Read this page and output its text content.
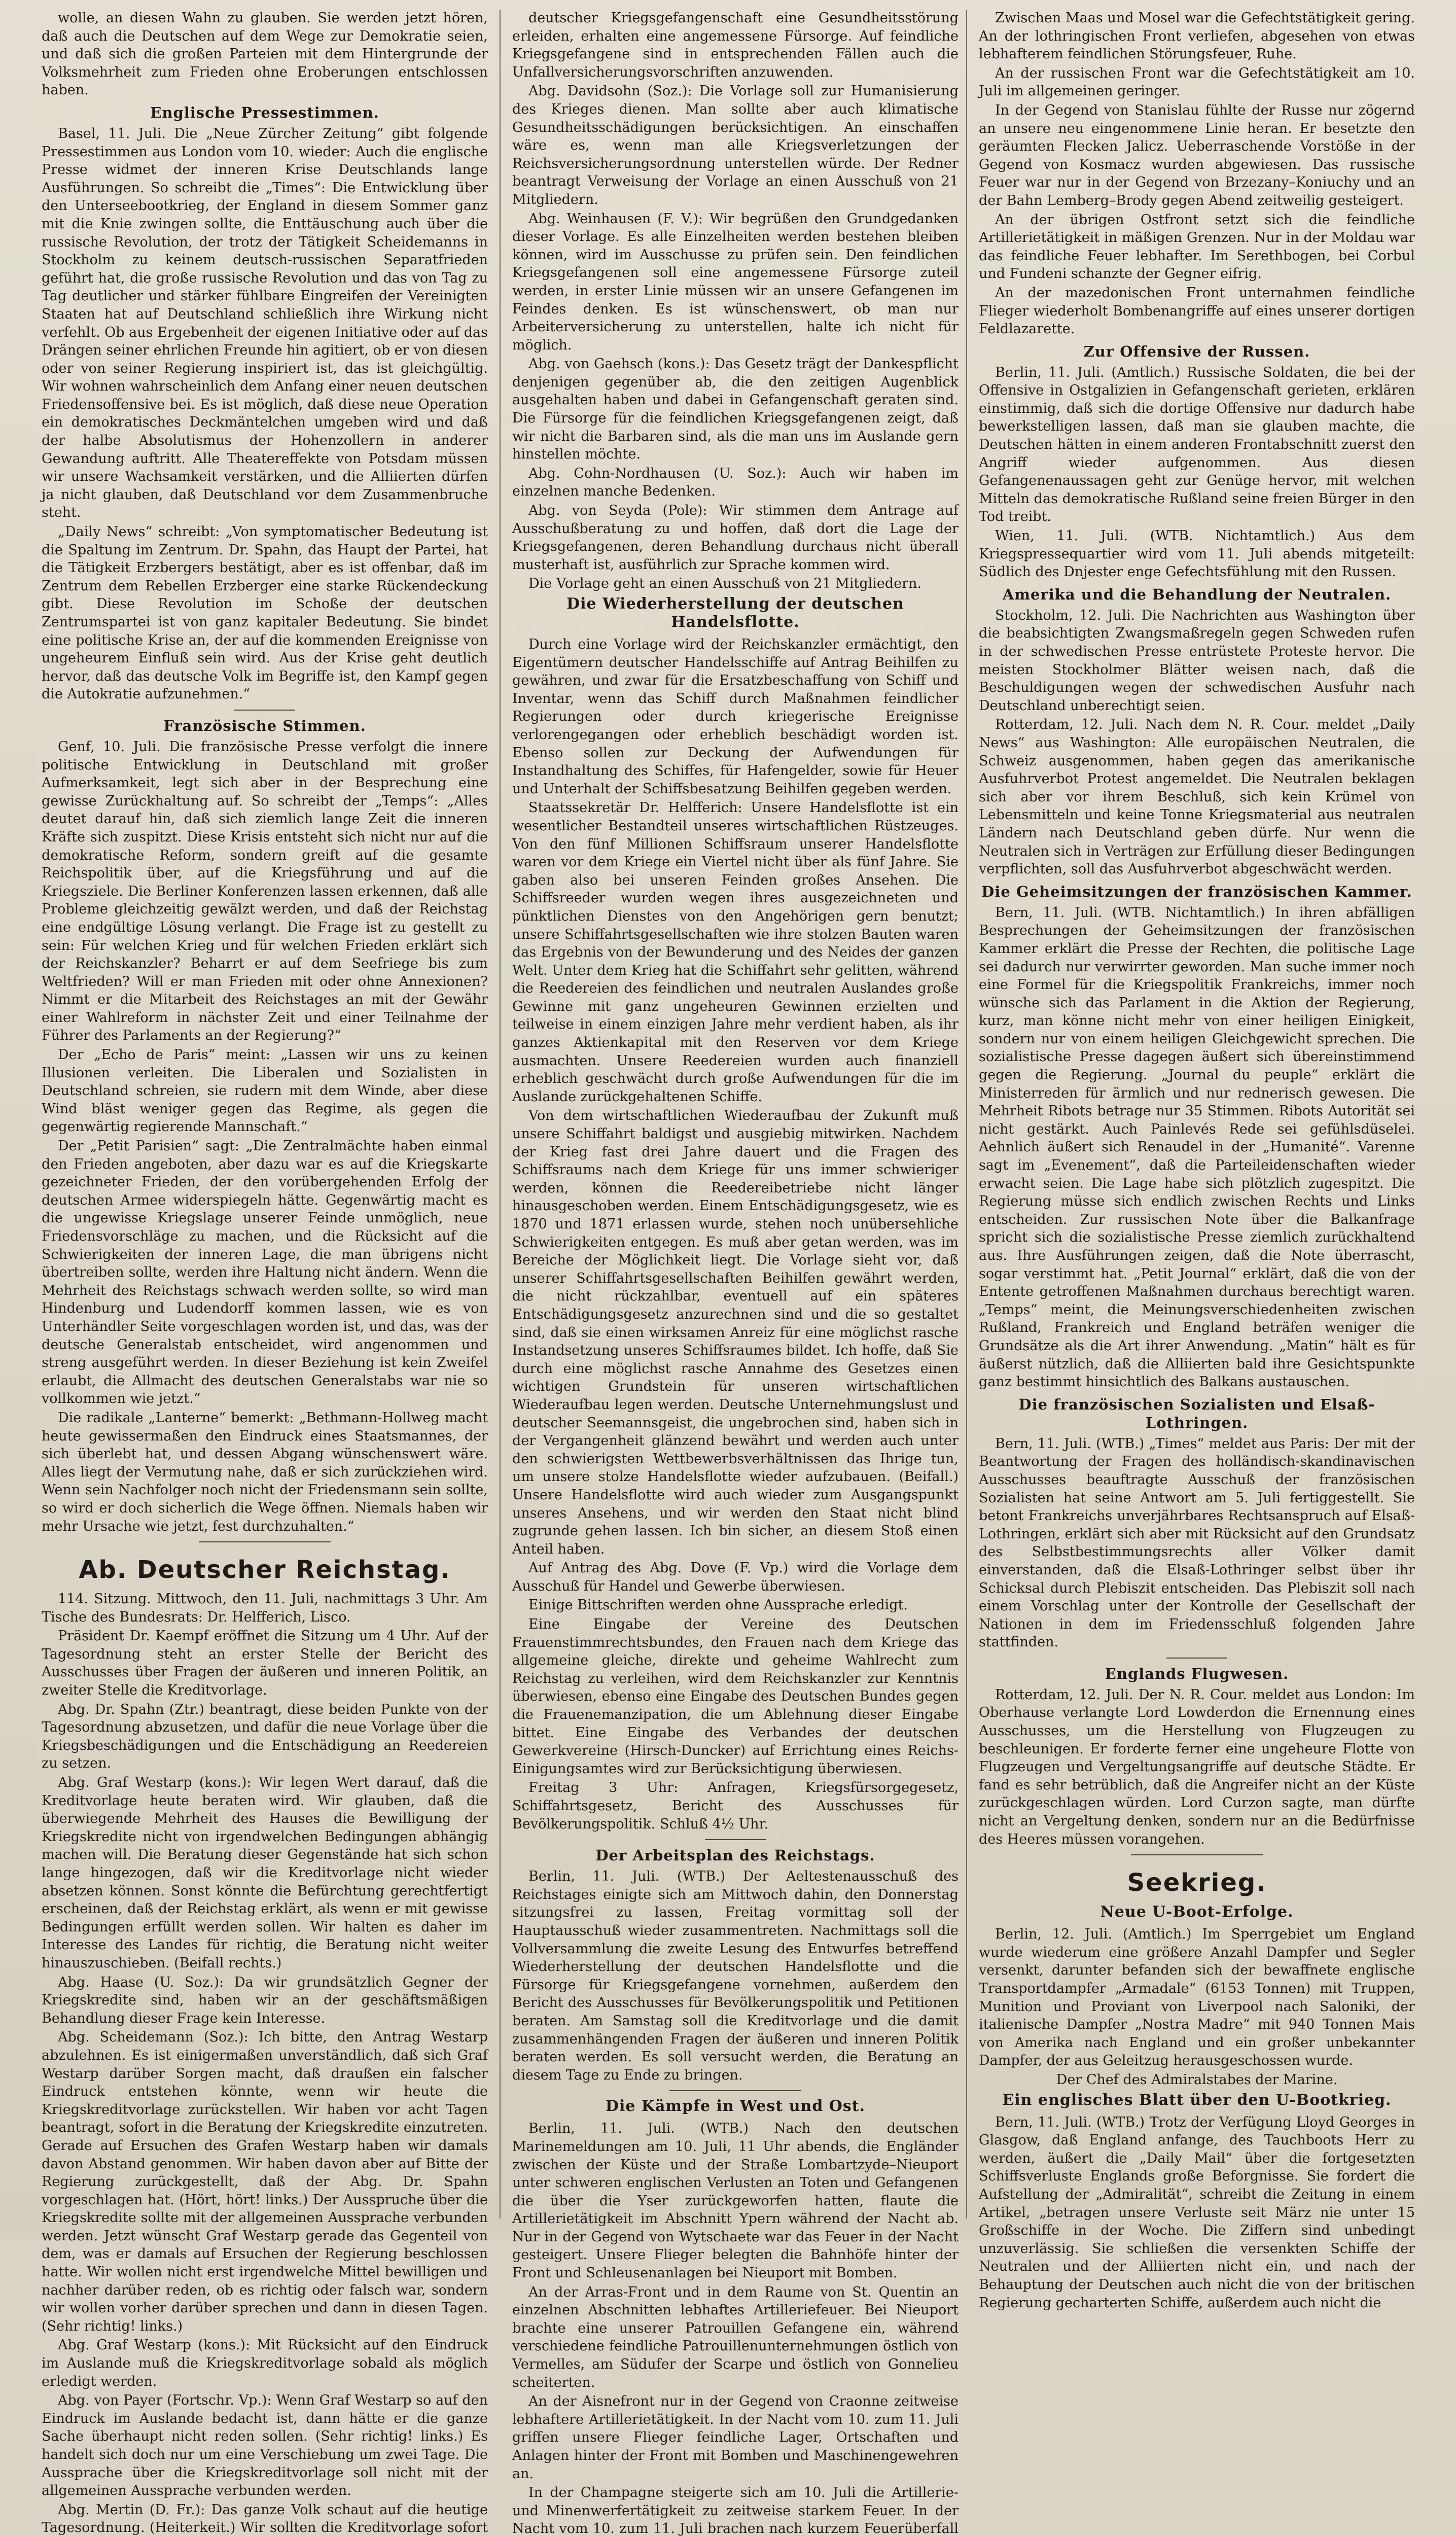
wolle, an diesen Wahn zu glauben. Sie werden jetzt hören, daß auch die Deutschen auf dem Wege zur Demokratie seien, und daß sich die großen Parteien mit dem Hintergrunde der Volksmehrheit zum Frieden ohne Eroberungen entschlossen haben.

Englische Pressestimmen.

Basel, 11. Juli. Die „Neue Zürcher Zeitung“ gibt folgende Pressestimmen aus London vom 10. wieder: Auch die englische Presse widmet der inneren Krise Deutschlands lange Ausführungen. So schreibt die „Times“: Die Entwicklung über den Unterseebootkrieg, der England in diesem Sommer ganz mit die Knie zwingen sollte, die Enttäuschung auch über die russische Revolution, der trotz der Tätigkeit Scheidemanns in Stockholm zu keinem deutsch-russischen Separatfrieden geführt hat, die große russische Revolution und das von Tag zu Tag deutlicher und stärker fühlbare Eingreifen der Vereinigten Staaten hat auf Deutschland schließlich ihre Wirkung nicht verfehlt. Ob aus Ergebenheit der eigenen Initiative oder auf das Drängen seiner ehrlichen Freunde hin agitiert, ob er von diesen oder von seiner Regierung inspiriert ist, das ist gleichgültig. Wir wohnen wahrscheinlich dem Anfang einer neuen deutschen Friedensoffensive bei. Es ist möglich, daß diese neue Operation ein demokratisches Deckmäntelchen umgeben wird und daß der halbe Absolutismus der Hohenzollern in anderer Gewandung auftritt. Alle Theatereffekte von Potsdam müssen wir unsere Wachsamkeit verstärken, und die Alliierten dürfen ja nicht glauben, daß Deutschland vor dem Zusammenbruche steht.

„Daily News“ schreibt: „Von symptomatischer Bedeutung ist die Spaltung im Zentrum. Dr. Spahn, das Haupt der Partei, hat die Tätigkeit Erzbergers bestätigt, aber es ist offenbar, daß im Zentrum dem Rebellen Erzberger eine starke Rückendeckung gibt. Diese Revolution im Schoße der deutschen Zentrumspartei ist von ganz kapitaler Bedeutung. Sie bindet eine politische Krise an, der auf die kommenden Ereignisse von ungeheurem Einfluß sein wird. Aus der Krise geht deutlich hervor, daß das deutsche Volk im Begriffe ist, den Kampf gegen die Autokratie aufzunehmen.“

Französische Stimmen.

Genf, 10. Juli. Die französische Presse verfolgt die innere politische Entwicklung in Deutschland mit großer Aufmerksamkeit, legt sich aber in der Besprechung eine gewisse Zurückhaltung auf. So schreibt der „Temps“: „Alles deutet darauf hin, daß sich ziemlich lange Zeit die inneren Kräfte sich zuspitzt. Diese Krisis entsteht sich nicht nur auf die demokratische Reform, sondern greift auf die gesamte Reichspolitik über, auf die Kriegsführung und auf die Kriegsziele. Die Berliner Konferenzen lassen erkennen, daß alle Probleme gleichzeitig gewälzt werden, und daß der Reichstag eine endgültige Lösung verlangt. Die Frage ist zu gestellt zu sein: Für welchen Krieg und für welchen Frieden erklärt sich der Reichskanzler? Beharrt er auf dem Seefriege bis zum Weltfrieden? Will er man Frieden mit oder ohne Annexionen? Nimmt er die Mitarbeit des Reichstages an mit der Gewähr einer Wahlreform in nächster Zeit und einer Teilnahme der Führer des Parlaments an der Regierung?“

Der „Echo de Paris“ meint: „Lassen wir uns zu keinen Illusionen verleiten. Die Liberalen und Sozialisten in Deutschland schreien, sie rudern mit dem Winde, aber diese Wind bläst weniger gegen das Regime, als gegen die gegenwärtig regierende Mannschaft.“

Der „Petit Parisien“ sagt: „Die Zentralmächte haben einmal den Frieden angeboten, aber dazu war es auf die Kriegskarte gezeichneter Frieden, der den vorübergehenden Erfolg der deutschen Armee widerspiegeln hätte. Gegenwärtig macht es die ungewisse Kriegslage unserer Feinde unmöglich, neue Friedensvorschläge zu machen, und die Rücksicht auf die Schwierigkeiten der inneren Lage, die man übrigens nicht übertreiben sollte, werden ihre Haltung nicht ändern. Wenn die Mehrheit des Reichstags schwach werden sollte, so wird man Hindenburg und Ludendorff kommen lassen, wie es von Unterhändler Seite vorgeschlagen worden ist, und das, was der deutsche Generalstab entscheidet, wird angenommen und streng ausgeführt werden. In dieser Beziehung ist kein Zweifel erlaubt, die Allmacht des deutschen Generalstabs war nie so vollkommen wie jetzt.“

Die radikale „Lanterne“ bemerkt: „Bethmann-Hollweg macht heute gewissermaßen den Eindruck eines Staatsmannes, der sich überlebt hat, und dessen Abgang wünschenswert wäre. Alles liegt der Vermutung nahe, daß er sich zurückziehen wird. Wenn sein Nachfolger noch nicht der Friedensmann sein sollte, so wird er doch sicherlich die Wege öffnen. Niemals haben wir mehr Ursache wie jetzt, fest durchzuhalten.“

Ab. Deutscher Reichstag.

114. Sitzung. Mittwoch, den 11. Juli, nachmittags 3 Uhr. Am Tische des Bundesrats: Dr. Helfferich, Lisco.

Präsident Dr. Kaempf eröffnet die Sitzung um 4 Uhr. Auf der Tagesordnung steht an erster Stelle der Bericht des Ausschusses über Fragen der äußeren und inneren Politik, an zweiter Stelle die Kreditvorlage.

Abg. Dr. Spahn (Ztr.) beantragt, diese beiden Punkte von der Tagesordnung abzusetzen, und dafür die neue Vorlage über die Kriegsbeschädigungen und die Entschädigung an Reedereien zu setzen.

Abg. Graf Westarp (kons.): Wir legen Wert darauf, daß die Kreditvorlage heute beraten wird. Wir glauben, daß die überwiegende Mehrheit des Hauses die Bewilligung der Kriegskredite nicht von irgendwelchen Bedingungen abhängig machen will. Die Beratung dieser Gegenstände hat sich schon lange hingezogen, daß wir die Kreditvorlage nicht wieder absetzen können. Sonst könnte die Befürchtung gerechtfertigt erscheinen, daß der Reichstag erklärt, als wenn er mit gewisse Bedingungen erfüllt werden sollen. Wir halten es daher im Interesse des Landes für richtig, die Beratung nicht weiter hinauszuschieben. (Beifall rechts.)

Abg. Haase (U. Soz.): Da wir grundsätzlich Gegner der Kriegskredite sind, haben wir an der geschäftsmäßigen Behandlung dieser Frage kein Interesse.

Abg. Scheidemann (Soz.): Ich bitte, den Antrag Westarp abzulehnen. Es ist einigermaßen unverständlich, daß sich Graf Westarp darüber Sorgen macht, daß draußen ein falscher Eindruck entstehen könnte, wenn wir heute die Kriegskreditvorlage zurückstellen. Wir haben vor acht Tagen beantragt, sofort in die Beratung der Kriegskredite einzutreten. Gerade auf Ersuchen des Grafen Westarp haben wir damals davon Abstand genommen. Wir haben davon aber auf Bitte der Regierung zurückgestellt, daß der Abg. Dr. Spahn vorgeschlagen hat. (Hört, hört! links.) Der Ausspruche über die Kriegskredite sollte mit der allgemeinen Aussprache verbunden werden. Jetzt wünscht Graf Westarp gerade das Gegenteil von dem, was er damals auf Ersuchen der Regierung beschlossen hatte. Wir wollen nicht erst irgendwelche Mittel bewilligen und nachher darüber reden, ob es richtig oder falsch war, sondern wir wollen vorher darüber sprechen und dann in diesen Tagen. (Sehr richtig! links.)

Abg. Graf Westarp (kons.): Mit Rücksicht auf den Eindruck im Auslande muß die Kriegskreditvorlage sobald als möglich erledigt werden.

Abg. von Payer (Fortschr. Vp.): Wenn Graf Westarp so auf den Eindruck im Auslande bedacht ist, dann hätte er die ganze Sache überhaupt nicht reden sollen. (Sehr richtig! links.) Es handelt sich doch nur um eine Verschiebung um zwei Tage. Die Aussprache über die Kriegskreditvorlage soll nicht mit der allgemeinen Aussprache verbunden werden.

Abg. Mertin (D. Fr.): Das ganze Volk schaut auf die heutige Tagesordnung. (Heiterkeit.) Wir sollten die Kreditvorlage sofort

deutscher Kriegsgefangenschaft eine Gesundheitsstörung erleiden, erhalten eine angemessene Fürsorge. Auf feindliche Kriegsgefangene sind in entsprechenden Fällen auch die Unfallversicherungsvorschriften anzuwenden.

Abg. Davidsohn (Soz.): Die Vorlage soll zur Humanisierung des Krieges dienen. Man sollte aber auch klimatische Gesundheitsschädigungen berücksichtigen. An einschaffen wäre es, wenn man alle Kriegsverletzungen der Reichsversicherungsordnung unterstellen würde. Der Redner beantragt Verweisung der Vorlage an einen Ausschuß von 21 Mitgliedern.

Abg. Weinhausen (F. V.): Wir begrüßen den Grundgedanken dieser Vorlage. Es alle Einzelheiten werden bestehen bleiben können, wird im Ausschusse zu prüfen sein. Den feindlichen Kriegsgefangenen soll eine angemessene Fürsorge zuteil werden, in erster Linie müssen wir an unsere Gefangenen im Feindes denken. Es ist wünschenswert, ob man nur Arbeiterversicherung zu unterstellen, halte ich nicht für möglich.

Abg. von Gaehsch (kons.): Das Gesetz trägt der Dankespflicht denjenigen gegenüber ab, die den zeitigen Augenblick ausgehalten haben und dabei in Gefangenschaft geraten sind. Die Fürsorge für die feindlichen Kriegsgefangenen zeigt, daß wir nicht die Barbaren sind, als die man uns im Auslande gern hinstellen möchte.

Abg. Cohn-Nordhausen (U. Soz.): Auch wir haben im einzelnen manche Bedenken.

Abg. von Seyda (Pole): Wir stimmen dem Antrage auf Ausschußberatung zu und hoffen, daß dort die Lage der Kriegsgefangenen, deren Behandlung durchaus nicht überall musterhaft ist, ausführlich zur Sprache kommen wird.

Die Vorlage geht an einen Ausschuß von 21 Mitgliedern.

Die Wiederherstellung der deutschen Handelsflotte.

Durch eine Vorlage wird der Reichskanzler ermächtigt, den Eigentümern deutscher Handelsschiffe auf Antrag Beihilfen zu gewähren, und zwar für die Ersatzbeschaffung von Schiff und Inventar, wenn das Schiff durch Maßnahmen feindlicher Regierungen oder durch kriegerische Ereignisse verlorengegangen oder erheblich beschädigt worden ist. Ebenso sollen zur Deckung der Aufwendungen für Instandhaltung des Schiffes, für Hafengelder, sowie für Heuer und Unterhalt der Schiffsbesatzung Beihilfen gegeben werden.

Staatssekretär Dr. Helfferich: Unsere Handelsflotte ist ein wesentlicher Bestandteil unseres wirtschaftlichen Rüstzeuges. Von den fünf Millionen Schiffsraum unserer Handelsflotte waren vor dem Kriege ein Viertel nicht über als fünf Jahre. Sie gaben also bei unseren Feinden großes Ansehen. Die Schiffsreeder wurden wegen ihres ausgezeichneten und pünktlichen Dienstes von den Angehörigen gern benutzt; unsere Schiffahrtsgesellschaften wie ihre stolzen Bauten waren das Ergebnis von der Bewunderung und des Neides der ganzen Welt. Unter dem Krieg hat die Schiffahrt sehr gelitten, während die Reedereien des feindlichen und neutralen Auslandes große Gewinne mit ganz ungeheuren Gewinnen erzielten und teilweise in einem einzigen Jahre mehr verdient haben, als ihr ganzes Aktienkapital mit den Reserven vor dem Kriege ausmachten. Unsere Reedereien wurden auch finanziell erheblich geschwächt durch große Aufwendungen für die im Auslande zurückgehaltenen Schiffe.

Von dem wirtschaftlichen Wiederaufbau der Zukunft muß unsere Schiffahrt baldigst und ausgiebig mitwirken. Nachdem der Krieg fast drei Jahre dauert und die Fragen des Schiffsraums nach dem Kriege für uns immer schwieriger werden, können die Reedereibetriebe nicht länger hinausgeschoben werden. Einem Entschädigungsgesetz, wie es 1870 und 1871 erlassen wurde, stehen noch unübersehliche Schwierigkeiten entgegen. Es muß aber getan werden, was im Bereiche der Möglichkeit liegt. Die Vorlage sieht vor, daß unserer Schiffahrtsgesellschaften Beihilfen gewährt werden, die nicht rückzahlbar, eventuell auf ein späteres Entschädigungsgesetz anzurechnen sind und die so gestaltet sind, daß sie einen wirksamen Anreiz für eine möglichst rasche Instandsetzung unseres Schiffsraumes bildet. Ich hoffe, daß Sie durch eine möglichst rasche Annahme des Gesetzes einen wichtigen Grundstein für unseren wirtschaftlichen Wiederaufbau legen werden. Deutsche Unternehmungslust und deutscher Seemannsgeist, die ungebrochen sind, haben sich in der Vergangenheit glänzend bewährt und werden auch unter den schwierigsten Wettbewerbsverhältnissen das Ihrige tun, um unsere stolze Handelsflotte wieder aufzubauen. (Beifall.) Unsere Handelsflotte wird auch wieder zum Ausgangspunkt unseres Ansehens, und wir werden den Staat nicht blind zugrunde gehen lassen. Ich bin sicher, an diesem Stoß einen Anteil haben.

Auf Antrag des Abg. Dove (F. Vp.) wird die Vorlage dem Ausschuß für Handel und Gewerbe überwiesen.

Einige Bittschriften werden ohne Aussprache erledigt.

Eine Eingabe der Vereine des Deutschen Frauenstimmrechtsbundes, den Frauen nach dem Kriege das allgemeine gleiche, direkte und geheime Wahlrecht zum Reichstag zu verleihen, wird dem Reichskanzler zur Kenntnis überwiesen, ebenso eine Eingabe des Deutschen Bundes gegen die Frauenemanzipation, die um Ablehnung dieser Eingabe bittet. Eine Eingabe des Verbandes der deutschen Gewerkvereine (Hirsch-Duncker) auf Errichtung eines Reichs-Einigungsamtes wird zur Berücksichtigung überwiesen.

Freitag 3 Uhr: Anfragen, Kriegsfürsorgegesetz, Schiffahrtsgesetz, Bericht des Ausschusses für Bevölkerungspolitik. Schluß 4½ Uhr.

Der Arbeitsplan des Reichstags.

Berlin, 11. Juli. (WTB.) Der Aeltestenausschuß des Reichstages einigte sich am Mittwoch dahin, den Donnerstag sitzungsfrei zu lassen, Freitag vormittag soll der Hauptausschuß wieder zusammentreten. Nachmittags soll die Vollversammlung die zweite Lesung des Entwurfes betreffend Wiederherstellung der deutschen Handelsflotte und die Fürsorge für Kriegsgefangene vornehmen, außerdem den Bericht des Ausschusses für Bevölkerungspolitik und Petitionen beraten. Am Samstag soll die Kreditvorlage und die damit zusammenhängenden Fragen der äußeren und inneren Politik beraten werden. Es soll versucht werden, die Beratung an diesem Tage zu Ende zu bringen.

Die Kämpfe in West und Ost.

Berlin, 11. Juli. (WTB.) Nach den deutschen Marinemeldungen am 10. Juli, 11 Uhr abends, die Engländer zwischen der Küste und der Straße Lombartzyde–Nieuport unter schweren englischen Verlusten an Toten und Gefangenen die über die Yser zurückgeworfen hatten, flaute die Artillerietätigkeit im Abschnitt Ypern während der Nacht ab. Nur in der Gegend von Wytschaete war das Feuer in der Nacht gesteigert. Unsere Flieger belegten die Bahnhöfe hinter der Front und Schleusenanlagen bei Nieuport mit Bomben.

An der Arras-Front und in dem Raume von St. Quentin an einzelnen Abschnitten lebhaftes Artilleriefeuer. Bei Nieuport brachte eine unserer Patrouillen Gefangene ein, während verschiedene feindliche Patrouillenunternehmungen östlich von Vermelles, am Südufer der Scarpe und östlich von Gonnelieu scheiterten.

An der Aisnefront nur in der Gegend von Craonne zeitweise lebhaftere Artillerietätigkeit. In der Nacht vom 10. zum 11. Juli griffen unsere Flieger feindliche Lager, Ortschaften und Anlagen hinter der Front mit Bomben und Maschinengewehren an.

In der Champagne steigerte sich am 10. Juli die Artillerie- und Minenwerfertätigkeit zu zeitweise starkem Feuer. In der Nacht vom 10. zum 11. Juli brachen nach kurzem Feuerüberfall

Zwischen Maas und Mosel war die Gefechtstätigkeit gering. An der lothringischen Front verliefen, abgesehen von etwas lebhafterem feindlichen Störungsfeuer, Ruhe.

An der russischen Front war die Gefechtstätigkeit am 10. Juli im allgemeinen geringer.

In der Gegend von Stanislau fühlte der Russe nur zögernd an unsere neu eingenommene Linie heran. Er besetzte den geräumten Flecken Jalicz. Ueberraschende Vorstöße in der Gegend von Kosmacz wurden abgewiesen. Das russische Feuer war nur in der Gegend von Brzezany–Koniuchy und an der Bahn Lemberg–Brody gegen Abend zeitweilig gesteigert.

An der übrigen Ostfront setzt sich die feindliche Artillerietätigkeit in mäßigen Grenzen. Nur in der Moldau war das feindliche Feuer lebhafter. Im Serethbogen, bei Corbul und Fundeni schanzte der Gegner eifrig.

An der mazedonischen Front unternahmen feindliche Flieger wiederholt Bombenangriffe auf eines unserer dortigen Feldlazarette.

Zur Offensive der Russen.

Berlin, 11. Juli. (Amtlich.) Russische Soldaten, die bei der Offensive in Ostgalizien in Gefangenschaft gerieten, erklären einstimmig, daß sich die dortige Offensive nur dadurch habe bewerkstelligen lassen, daß man sie glauben machte, die Deutschen hätten in einem anderen Frontabschnitt zuerst den Angriff wieder aufgenommen. Aus diesen Gefangenenaussagen geht zur Genüge hervor, mit welchen Mitteln das demokratische Rußland seine freien Bürger in den Tod treibt.

Wien, 11. Juli. (WTB. Nichtamtlich.) Aus dem Kriegspressequartier wird vom 11. Juli abends mitgeteilt: Südlich des Dnjester enge Gefechtsfühlung mit den Russen.

Amerika und die Behandlung der Neutralen.

Stockholm, 12. Juli. Die Nachrichten aus Washington über die beabsichtigten Zwangsmaßregeln gegen Schweden rufen in der schwedischen Presse entrüstete Proteste hervor. Die meisten Stockholmer Blätter weisen nach, daß die Beschuldigungen wegen der schwedischen Ausfuhr nach Deutschland unberechtigt seien.

Rotterdam, 12. Juli. Nach dem N. R. Cour. meldet „Daily News“ aus Washington: Alle europäischen Neutralen, die Schweiz ausgenommen, haben gegen das amerikanische Ausfuhrverbot Protest angemeldet. Die Neutralen beklagen sich aber vor ihrem Beschluß, sich kein Krümel von Lebensmitteln und keine Tonne Kriegsmaterial aus neutralen Ländern nach Deutschland geben dürfe. Nur wenn die Neutralen sich in Verträgen zur Erfüllung dieser Bedingungen verpflichten, soll das Ausfuhrverbot abgeschwächt werden.

Die Geheimsitzungen der französischen Kammer.

Bern, 11. Juli. (WTB. Nichtamtlich.) In ihren abfälligen Besprechungen der Geheimsitzungen der französischen Kammer erklärt die Presse der Rechten, die politische Lage sei dadurch nur verwirrter geworden. Man suche immer noch eine Formel für die Kriegspolitik Frankreichs, immer noch wünsche sich das Parlament in die Aktion der Regierung, kurz, man könne nicht mehr von einer heiligen Einigkeit, sondern nur von einem heiligen Gleichgewicht sprechen. Die sozialistische Presse dagegen äußert sich übereinstimmend gegen die Regierung. „Journal du peuple“ erklärt die Ministerreden für ärmlich und nur rednerisch gewesen. Die Mehrheit Ribots betrage nur 35 Stimmen. Ribots Autorität sei nicht gestärkt. Auch Painlevés Rede sei gefühlsdüselei. Aehnlich äußert sich Renaudel in der „Humanité“. Varenne sagt im „Evenement“, daß die Parteileidenschaften wieder erwacht seien. Die Lage habe sich plötzlich zugespitzt. Die Regierung müsse sich endlich zwischen Rechts und Links entscheiden. Zur russischen Note über die Balkanfrage spricht sich die sozialistische Presse ziemlich zurückhaltend aus. Ihre Ausführungen zeigen, daß die Note überrascht, sogar verstimmt hat. „Petit Journal“ erklärt, daß die von der Entente getroffenen Maßnahmen durchaus berechtigt waren. „Temps“ meint, die Meinungsverschiedenheiten zwischen Rußland, Frankreich und England beträfen weniger die Grundsätze als die Art ihrer Anwendung. „Matin“ hält es für äußerst nützlich, daß die Alliierten bald ihre Gesichtspunkte ganz bestimmt hinsichtlich des Balkans austauschen.

Die französischen Sozialisten und Elsaß-Lothringen.

Bern, 11. Juli. (WTB.) „Times“ meldet aus Paris: Der mit der Beantwortung der Fragen des holländisch-skandinavischen Ausschusses beauftragte Ausschuß der französischen Sozialisten hat seine Antwort am 5. Juli fertiggestellt. Sie betont Frankreichs unverjährbares Rechtsanspruch auf Elsaß-Lothringen, erklärt sich aber mit Rücksicht auf den Grundsatz des Selbstbestimmungsrechts aller Völker damit einverstanden, daß die Elsaß-Lothringer selbst über ihr Schicksal durch Plebiszit entscheiden. Das Plebiszit soll nach einem Vorschlag unter der Kontrolle der Gesellschaft der Nationen in dem im Friedensschluß folgenden Jahre stattfinden.

Englands Flugwesen.

Rotterdam, 12. Juli. Der N. R. Cour. meldet aus London: Im Oberhause verlangte Lord Lowderdon die Ernennung eines Ausschusses, um die Herstellung von Flugzeugen zu beschleunigen. Er forderte ferner eine ungeheure Flotte von Flugzeugen und Vergeltungsangriffe auf deutsche Städte. Er fand es sehr betrüblich, daß die Angreifer nicht an der Küste zurückgeschlagen würden. Lord Curzon sagte, man dürfte nicht an Vergeltung denken, sondern nur an die Bedürfnisse des Heeres müssen vorangehen.

Seekrieg.
Neue U-Boot-Erfolge.

Berlin, 12. Juli. (Amtlich.) Im Sperrgebiet um England wurde wiederum eine größere Anzahl Dampfer und Segler versenkt, darunter befanden sich der bewaffnete englische Transportdampfer „Armadale“ (6153 Tonnen) mit Truppen, Munition und Proviant von Liverpool nach Saloniki, der italienische Dampfer „Nostra Madre“ mit 940 Tonnen Mais von Amerika nach England und ein großer unbekannter Dampfer, der aus Geleitzug herausgeschossen wurde.

Der Chef des Admiralstabes der Marine.

Ein englisches Blatt über den U-Bootkrieg.

Bern, 11. Juli. (WTB.) Trotz der Verfügung Lloyd Georges in Glasgow, daß England anfange, des Tauchboots Herr zu werden, äußert die „Daily Mail“ über die fortgesetzten Schiffsverluste Englands große Beforgnisse. Sie fordert die Aufstellung der „Admiralität“, schreibt die Zeitung in einem Artikel, „betragen unsere Verluste seit März nie unter 15 Großschiffe in der Woche. Die Ziffern sind unbedingt unzuverlässig. Sie schließen die versenkten Schiffe der Neutralen und der Alliierten nicht ein, und nach der Behauptung der Deutschen auch nicht die von der britischen Regierung gecharterten Schiffe, außerdem auch nicht die
